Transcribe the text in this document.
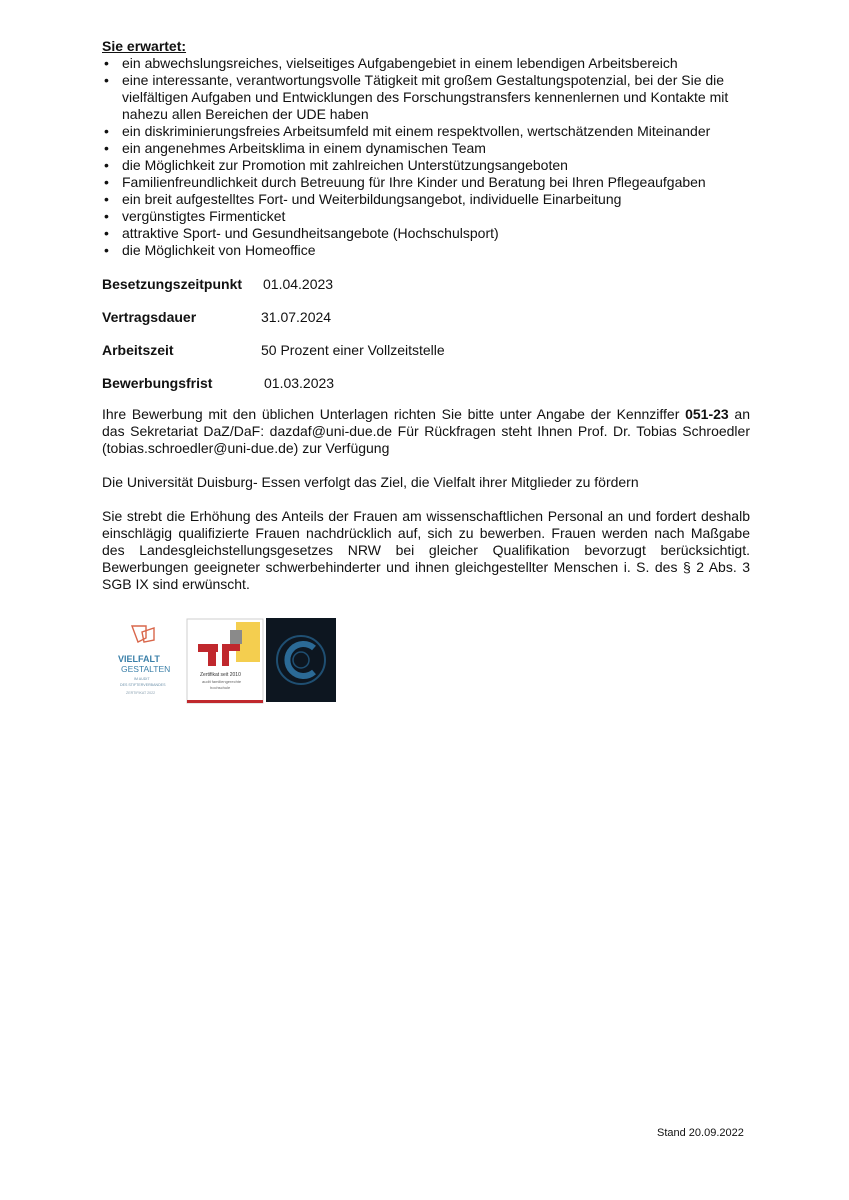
Sie erwartet:

• ein abwechslungsreiches, vielseitiges Aufgabengebiet in einem lebendigen Arbeitsbereich
• eine interessante, verantwortungsvolle Tätigkeit mit großem Gestaltungspotenzial, bei der Sie die vielfältigen Aufgaben und Entwicklungen des Forschungstransfers kennenlernen und Kontakte mit nahezu allen Bereichen der UDE haben
• ein diskriminierungsfreies Arbeitsumfeld mit einem respektvollen, wertschätzenden Miteinander
• ein angenehmes Arbeitsklima in einem dynamischen Team
• die Möglichkeit zur Promotion mit zahlreichen Unterstützungsangeboten
• Familienfreundlichkeit durch Betreuung für Ihre Kinder und Beratung bei Ihren Pflegeaufgaben
• ein breit aufgestelltes Fort- und Weiterbildungsangebot, individuelle Einarbeitung
• vergünstigtes Firmenticket
• attraktive Sport- und Gesundheitsangebote (Hochschulsport)
• die Möglichkeit von Homeoffice
Besetzungszeitpunkt 01.04.2023
Vertragsdauer	31.07.2024
Arbeitszeit	50 Prozent einer Vollzeitstelle
Bewerbungsfrist	01.03.2023

Ihre Bewerbung mit den üblichen Unterlagen richten Sie bitte unter Angabe der Kennziffer 051-23 an das Sekretariat DaZ/DaF: dazdaf@uni-due.de Für Rückfragen steht Ihnen Prof. Dr. Tobias Schroedler (tobias.schroedler@uni-due.de) zur Verfügung

Die Universität Duisburg- Essen verfolgt das Ziel, die Vielfalt ihrer Mitglieder zu fördern

Sie strebt die Erhöhung des Anteils der Frauen am wissenschaftlichen Personal an und fordert deshalb einschlägig qualifizierte Frauen nachdrücklich auf, sich zu bewerben. Frauen werden nach Maßgabe des Landesgleichstellungsgesetzes NRW bei gleicher Qualifikation bevorzugt berücksichtigt. Bewerbungen geeigneter schwerbehinderter und ihnen gleichgestellter Menschen i. S. des § 2 Abs. 3 SGB IX sind erwünscht.

VIELFALT
GESTALTEN
IM AUDIT
DES STIFTERVERBANDES
ZERTIFIKAT 2022
Zertifikat seit 2010
audit familiengerechte
hochschule
Stand 20.09.2022
